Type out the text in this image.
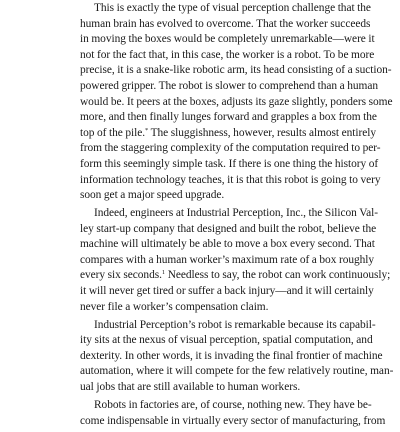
This is exactly the type of visual perception challenge that the
human brain has evolved to overcome. That the worker succeeds
in moving the boxes would be completely unremarkable—were it
not for the fact that, in this case, the worker is a robot. To be more
precise, it is a snake-like robotic arm, its head consisting of a suction-
powered gripper. The robot is slower to comprehend than a human
would be. It peers at the boxes, adjusts its gaze slightly, ponders some
more, and then finally lunges forward and grapples a box from the
top of the pile.* The sluggishness, however, results almost entirely
from the staggering complexity of the computation required to per-
form this seemingly simple task. If there is one thing the history of
information technology teaches, it is that this robot is going to very
soon get a major speed upgrade.
Indeed, engineers at Industrial Perception, Inc., the Silicon Val-
ley start-up company that designed and built the robot, believe the
machine will ultimately be able to move a box every second. That
compares with a human worker’s maximum rate of a box roughly
every six seconds.$^1$ Needless to say, the robot can work continuously;
it will never get tired or suffer a back injury—and it will certainly
never file a worker’s compensation claim.
Industrial Perception’s robot is remarkable because its capabil-
ity sits at the nexus of visual perception, spatial computation, and
dexterity. In other words, it is invading the final frontier of machine
automation, where it will compete for the few relatively routine, man-
ual jobs that are still available to human workers.
Robots in factories are, of course, nothing new. They have be-
come indispensable in virtually every sector of manufacturing, from
